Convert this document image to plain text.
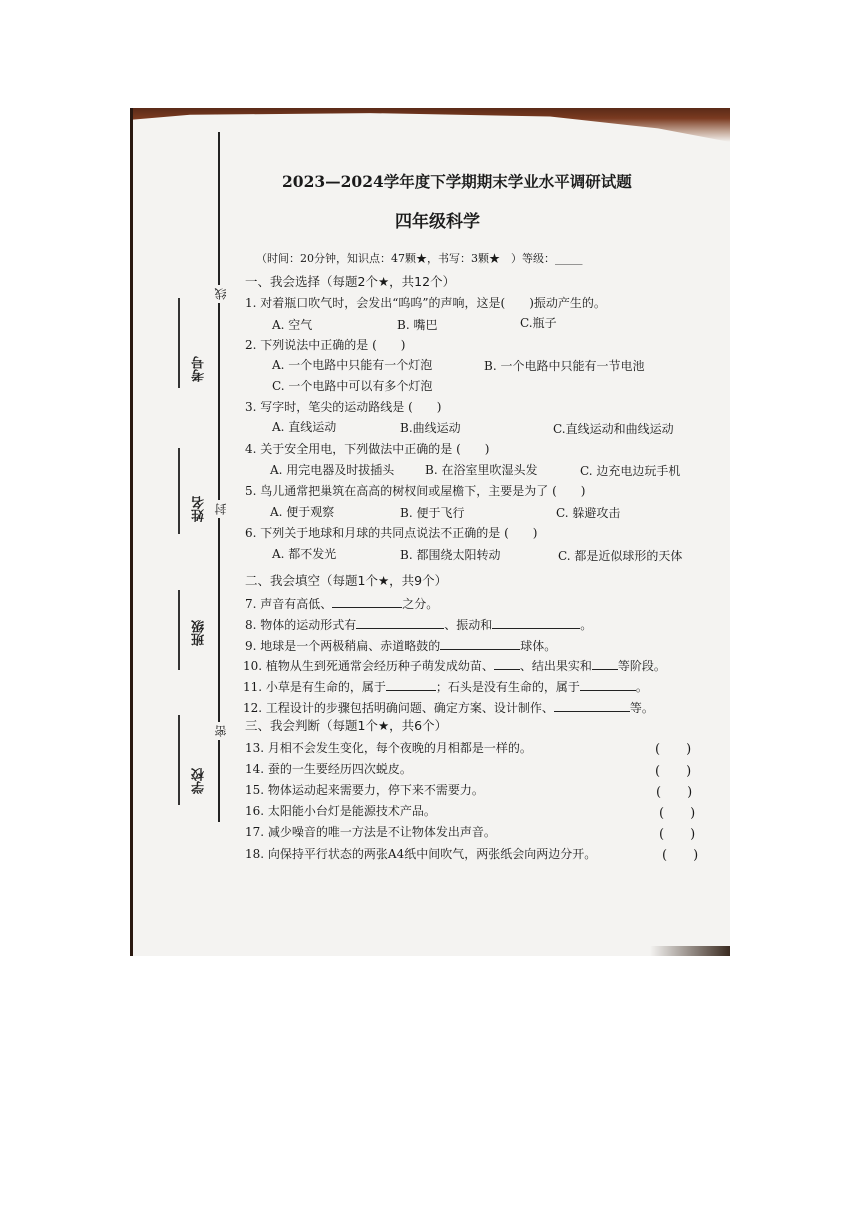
线
封
密
考号
姓名
班级
学校
2023—2024学年度下学期期末学业水平调研试题
四年级科学
（时间：20分钟，知识点：47颗★，书写：3颗★　）等级：_____
一、我会选择（每题2个★，共12个）
1. 对着瓶口吹气时，会发出“呜呜”的声响，这是(　　)振动产生的。
A. 空气	B. 嘴巴	C.瓶子
2. 下列说法中正确的是 (　　)
A. 一个电路中只能有一个灯泡	B. 一个电路中只能有一节电池
C. 一个电路中可以有多个灯泡
3. 写字时，笔尖的运动路线是 (　　)
A. 直线运动	B.曲线运动	C.直线运动和曲线运动
4. 关于安全用电，下列做法中正确的是 (　　)
A. 用完电器及时拔插头	B. 在浴室里吹湿头发	C. 边充电边玩手机
5. 鸟儿通常把巢筑在高高的树杈间或屋檐下，主要是为了 (　　)
A. 便于观察	B. 便于飞行	C. 躲避攻击
6. 下列关于地球和月球的共同点说法不正确的是 (　　)
A. 都不发光	B. 都围绕太阳转动	C. 都是近似球形的天体
二、我会填空（每题1个★，共9个）
7. 声音有高低、	之分。
8. 物体的运动形式有	、振动和	。
9. 地球是一个两极稍扁、赤道略鼓的	球体。
10. 植物从生到死通常会经历种子萌发成幼苗、 、结出果实和 等阶段。
11. 小草是有生命的，属于	；石头是没有生命的，属于	。
12. 工程设计的步骤包括明确问题、确定方案、设计制作、	等。
三、我会判断（每题1个★，共6个）
13. 月相不会发生变化，每个夜晚的月相都是一样的。	(　　)
14. 蚕的一生要经历四次蜕皮。	(　　)
15. 物体运动起来需要力，停下来不需要力。	(　　)
16. 太阳能小台灯是能源技术产品。	(　　)
17. 减少噪音的唯一方法是不让物体发出声音。	(　　)
18. 向保持平行状态的两张A4纸中间吹气，两张纸会向两边分开。	(　　)
